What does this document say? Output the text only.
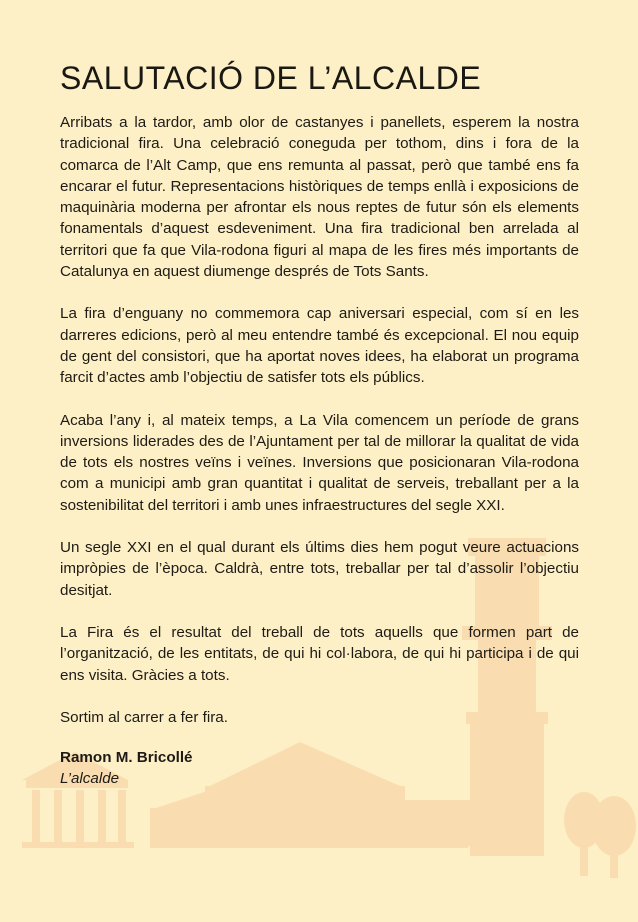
SALUTACIÓ DE L’ALCALDE

Arribats a la tardor, amb olor de castanyes i panellets, esperem la nostra tradicional fira. Una celebració coneguda per tothom, dins i fora de la comarca de l’Alt Camp, que ens remunta al passat, però que també ens fa encarar el futur. Representacions històriques de temps enllà i exposicions de maquinària moderna per afrontar els nous reptes de futur són els elements fonamentals d’aquest esdeveniment. Una fira tradicional ben arrelada al territori que fa que Vila-rodona figuri al mapa de les fires més importants de Catalunya en aquest diumenge després de Tots Sants.

La fira d’enguany no commemora cap aniversari especial, com sí en les darreres edicions, però al meu entendre també és excepcional. El nou equip de gent del consistori, que ha aportat noves idees, ha elaborat un programa farcit d’actes amb l’objectiu de satisfer tots els públics.

Acaba l’any i, al mateix temps, a La Vila comencem un període de grans inversions liderades des de l’Ajuntament per tal de millorar la qualitat de vida de tots els nostres veïns i veïnes. Inversions que posicionaran Vila-rodona com a municipi amb gran quantitat i qualitat de serveis, treballant per a la sostenibilitat del territori i amb unes infraestructures del segle XXI.

Un segle XXI en el qual durant els últims dies hem pogut veure actuacions impròpies de l’època. Caldrà, entre tots, treballar per tal d’assolir l’objectiu desitjat.

La Fira és el resultat del treball de tots aquells que formen part de l’organització, de les entitats, de qui hi col·labora, de qui hi participa i de qui ens visita. Gràcies a tots.

Sortim al carrer a fer fira.

Ramon M. Bricollé
L’alcalde
